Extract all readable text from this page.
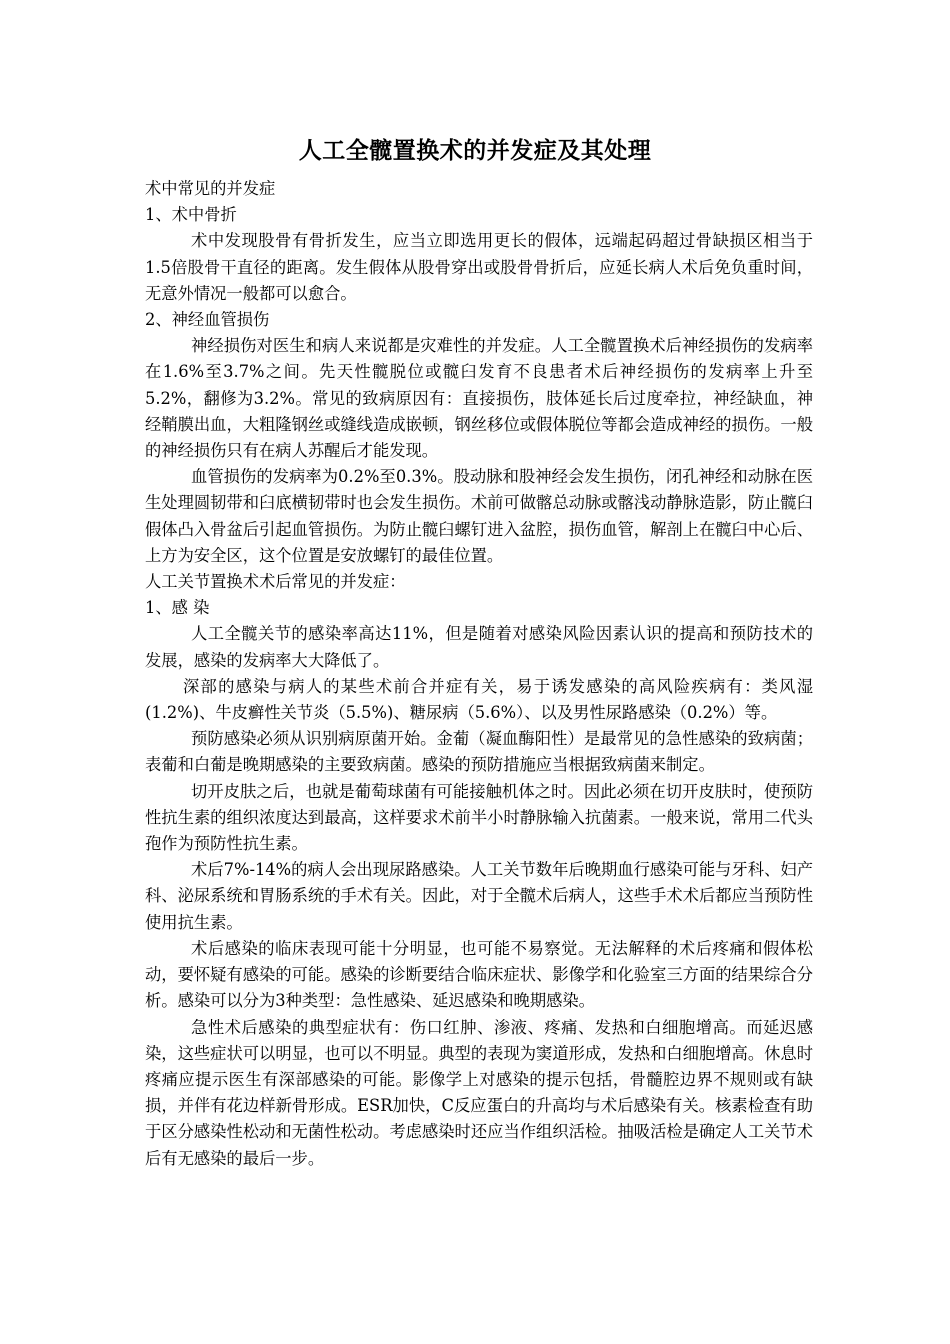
人工全髋置换术的并发症及其处理

术中常见的并发症

1、术中骨折

术中发现股骨有骨折发生，应当立即选用更长的假体，远端起码超过骨缺损区相当于1.5倍股骨干直径的距离。发生假体从股骨穿出或股骨骨折后，应延长病人术后免负重时间，无意外情况一般都可以愈合。

2、神经血管损伤

神经损伤对医生和病人来说都是灾难性的并发症。人工全髋置换术后神经损伤的发病率在1.6%至3.7%之间。先天性髋脱位或髋臼发育不良患者术后神经损伤的发病率上升至5.2%，翻修为3.2%。常见的致病原因有：直接损伤，肢体延长后过度牵拉，神经缺血，神经鞘膜出血，大粗隆钢丝或缝线造成嵌顿，钢丝移位或假体脱位等都会造成神经的损伤。一般的神经损伤只有在病人苏醒后才能发现。

血管损伤的发病率为0.2%至0.3%。股动脉和股神经会发生损伤，闭孔神经和动脉在医生处理圆韧带和臼底横韧带时也会发生损伤。术前可做髂总动脉或髂浅动静脉造影，防止髋臼假体凸入骨盆后引起血管损伤。为防止髋臼螺钉进入盆腔，损伤血管，解剖上在髋臼中心后、上方为安全区，这个位置是安放螺钉的最佳位置。

人工关节置换术术后常见的并发症：

1、感 染

人工全髋关节的感染率高达11%，但是随着对感染风险因素认识的提高和预防技术的发展，感染的发病率大大降低了。

深部的感染与病人的某些术前合并症有关，易于诱发感染的高风险疾病有：类风湿(1.2%)、牛皮癣性关节炎（5.5%)、糖尿病（5.6%）、以及男性尿路感染（0.2%）等。

预防感染必须从识别病原菌开始。金葡（凝血酶阳性）是最常见的急性感染的致病菌；表葡和白葡是晚期感染的主要致病菌。感染的预防措施应当根据致病菌来制定。

切开皮肤之后，也就是葡萄球菌有可能接触机体之时。因此必须在切开皮肤时，使预防性抗生素的组织浓度达到最高，这样要求术前半小时静脉输入抗菌素。一般来说，常用二代头孢作为预防性抗生素。

术后7%-14%的病人会出现尿路感染。人工关节数年后晚期血行感染可能与牙科、妇产科、泌尿系统和胃肠系统的手术有关。因此，对于全髋术后病人，这些手术术后都应当预防性使用抗生素。

术后感染的临床表现可能十分明显，也可能不易察觉。无法解释的术后疼痛和假体松动，要怀疑有感染的可能。感染的诊断要结合临床症状、影像学和化验室三方面的结果综合分析。感染可以分为3种类型：急性感染、延迟感染和晚期感染。

急性术后感染的典型症状有：伤口红肿、渗液、疼痛、发热和白细胞增高。而延迟感染，这些症状可以明显，也可以不明显。典型的表现为窦道形成，发热和白细胞增高。休息时疼痛应提示医生有深部感染的可能。影像学上对感染的提示包括，骨髓腔边界不规则或有缺损，并伴有花边样新骨形成。ESR加快，C反应蛋白的升高均与术后感染有关。核素检查有助于区分感染性松动和无菌性松动。考虑感染时还应当作组织活检。抽吸活检是确定人工关节术后有无感染的最后一步。
